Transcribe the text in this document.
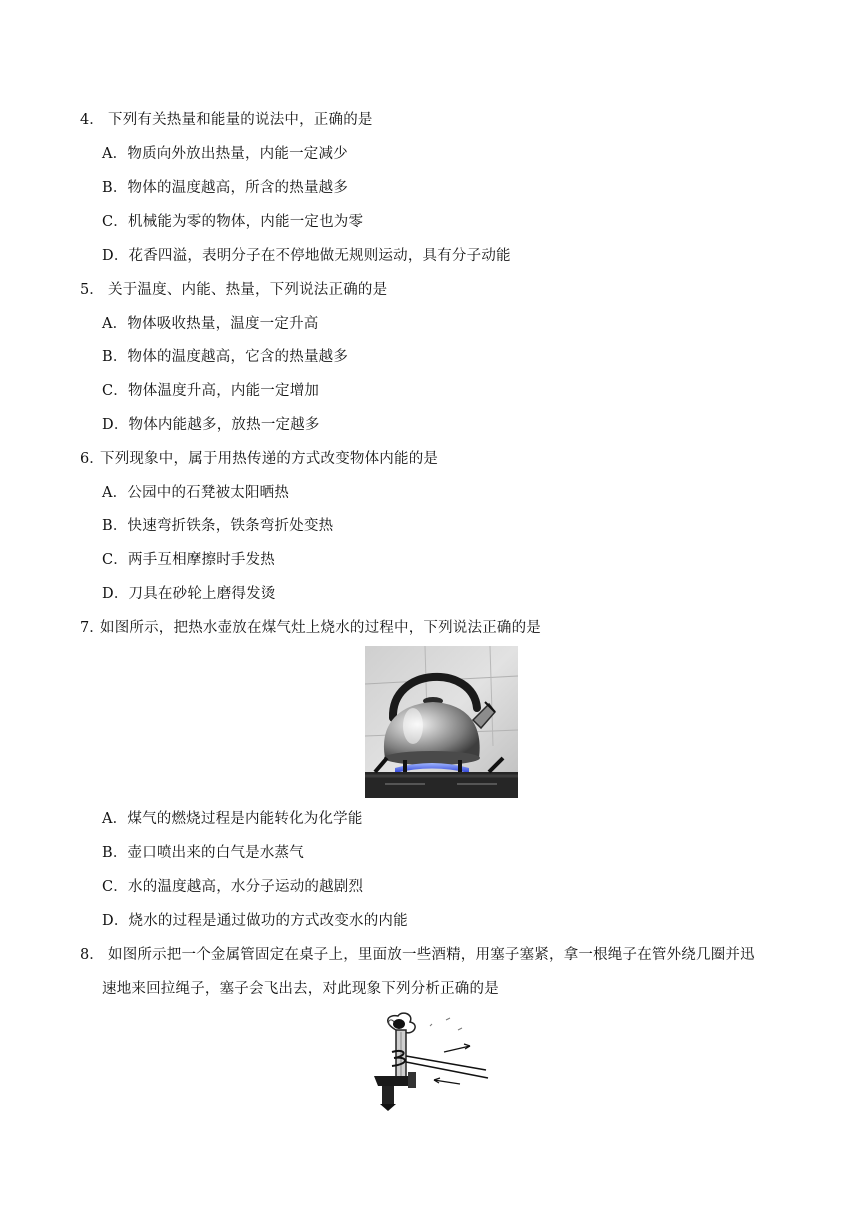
4． 下列有关热量和能量的说法中，正确的是
A．物质向外放出热量，内能一定减少
B．物体的温度越高，所含的热量越多
C．机械能为零的物体，内能一定也为零
D．花香四溢，表明分子在不停地做无规则运动，具有分子动能
5． 关于温度、内能、热量，下列说法正确的是
A．物体吸收热量，温度一定升高
B．物体的温度越高，它含的热量越多
C．物体温度升高，内能一定增加
D．物体内能越多，放热一定越多
6．
下列现象中，属于用热传递的方式改变物体内能的是
A．公园中的石凳被太阳晒热
B．快速弯折铁条，铁条弯折处变热
C．两手互相摩擦时手发热
D．刀具在砂轮上磨得发烫
7．
如图所示，把热水壶放在煤气灶上烧水的过程中，下列说法正确的是
A．煤气的燃烧过程是内能转化为化学能
B．壶口喷出来的白气是水蒸气
C．水的温度越高，水分子运动的越剧烈
D．烧水的过程是通过做功的方式改变水的内能
8． 如图所示把一个金属管固定在桌子上，里面放一些酒精，用塞子塞紧，拿一根绳子在管外绕几圈并迅
速地来回拉绳子，塞子会飞出去，对此现象下列分析正确的是
